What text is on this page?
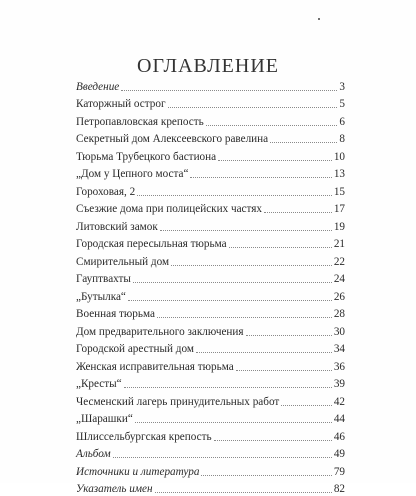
ОГЛАВЛЕНИЕ
Введение	3
Каторжный острог	5
Петропавловская крепость	6
Секретный дом Алексеевского равелина	8
Тюрьма Трубецкого бастиона	10
„Дом у Цепного моста“	13
Гороховая, 2	15
Съезжие дома при полицейских частях	17
Литовский замок	19
Городская пересыльная тюрьма	21
Смирительный дом	22
Гауптвахты	24
„Бутылка“	26
Военная тюрьма	28
Дом предварительного заключения	30
Городской арестный дом	34
Женская исправительная тюрьма	36
„Кресты“	39
Чесменский лагерь принудительных работ	42
„Шарашки“	44
Шлиссельбургская крепость	46
Альбом	49
Источники и литература	79
Указатель имен	82
